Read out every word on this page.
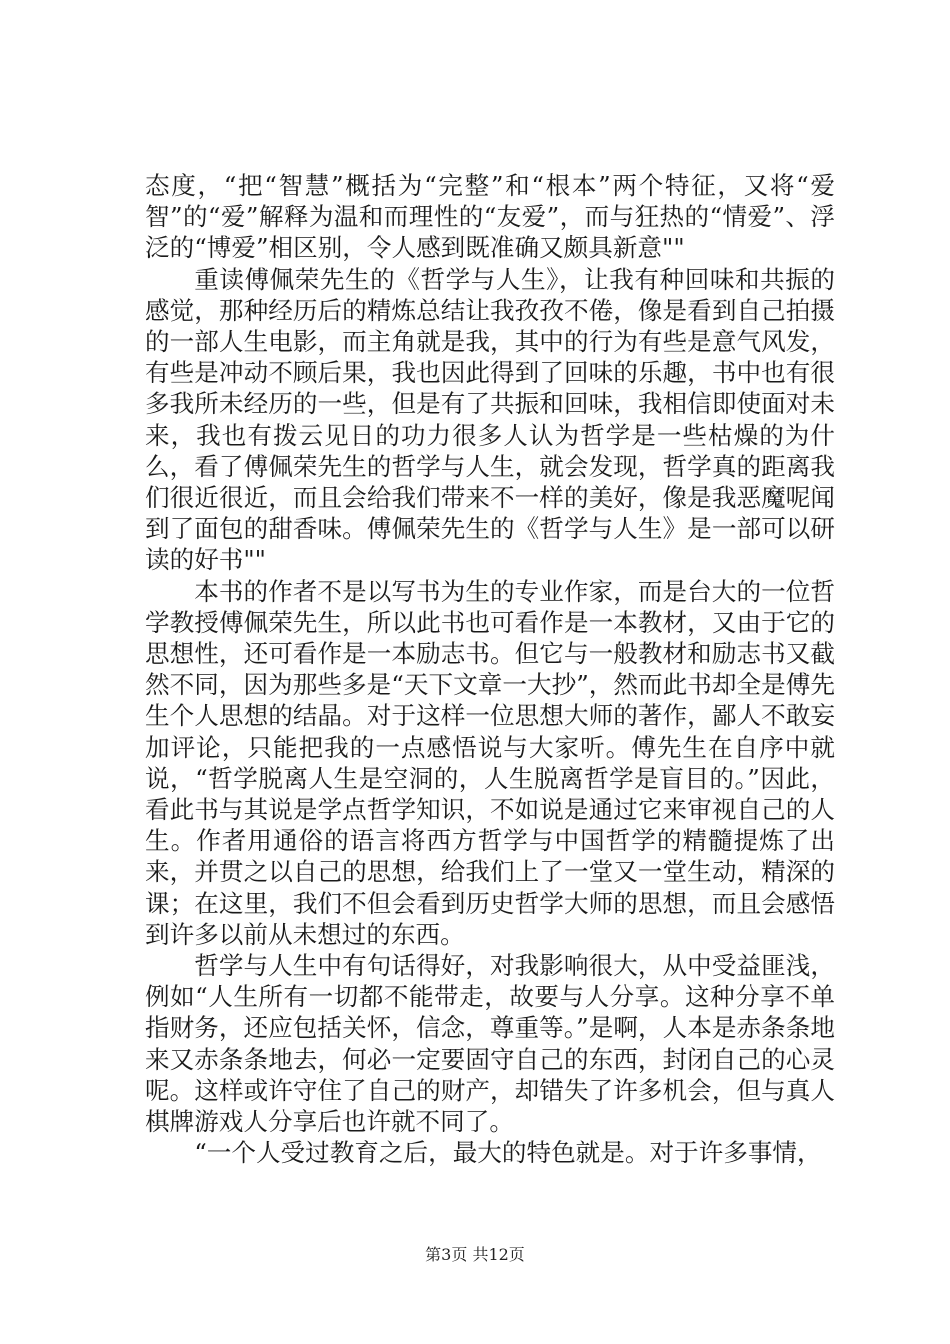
态度，“把“智慧”概括为“完整”和“根本”两个特征，又将“爱智”的“爱”解释为温和而理性的“友爱”，而与狂热的“情爱”、浮泛的“博爱”相区别，令人感到既准确又颇具新意""

重读傅佩荣先生的《哲学与人生》，让我有种回味和共振的感觉，那种经历后的精炼总结让我孜孜不倦，像是看到自己拍摄的一部人生电影，而主角就是我，其中的行为有些是意气风发，有些是冲动不顾后果，我也因此得到了回味的乐趣，书中也有很多我所未经历的一些，但是有了共振和回味，我相信即使面对未来，我也有拨云见日的功力很多人认为哲学是一些枯燥的为什么，看了傅佩荣先生的哲学与人生，就会发现，哲学真的距离我们很近很近，而且会给我们带来不一样的美好，像是我恶魔呢闻到了面包的甜香味。傅佩荣先生的《哲学与人生》是一部可以研读的好书""

本书的作者不是以写书为生的专业作家，而是台大的一位哲学教授傅佩荣先生，所以此书也可看作是一本教材，又由于它的思想性，还可看作是一本励志书。但它与一般教材和励志书又截然不同，因为那些多是“天下文章一大抄”，然而此书却全是傅先生个人思想的结晶。对于这样一位思想大师的著作，鄙人不敢妄加评论，只能把我的一点感悟说与大家听。傅先生在自序中就说，“哲学脱离人生是空洞的，人生脱离哲学是盲目的。”因此，看此书与其说是学点哲学知识，不如说是通过它来审视自己的人生。作者用通俗的语言将西方哲学与中国哲学的精髓提炼了出来，并贯之以自己的思想，给我们上了一堂又一堂生动，精深的课；在这里，我们不但会看到历史哲学大师的思想，而且会感悟到许多以前从未想过的东西。

哲学与人生中有句话得好，对我影响很大，从中受益匪浅，例如“人生所有一切都不能带走，故要与人分享。这种分享不单指财务，还应包括关怀，信念，尊重等。”是啊，人本是赤条条地来又赤条条地去，何必一定要固守自己的东西，封闭自己的心灵呢。这样或许守住了自己的财产，却错失了许多机会，但与真人棋牌游戏人分享后也许就不同了。

“一个人受过教育之后，最大的特色就是。对于许多事情，

第3页 共12页
